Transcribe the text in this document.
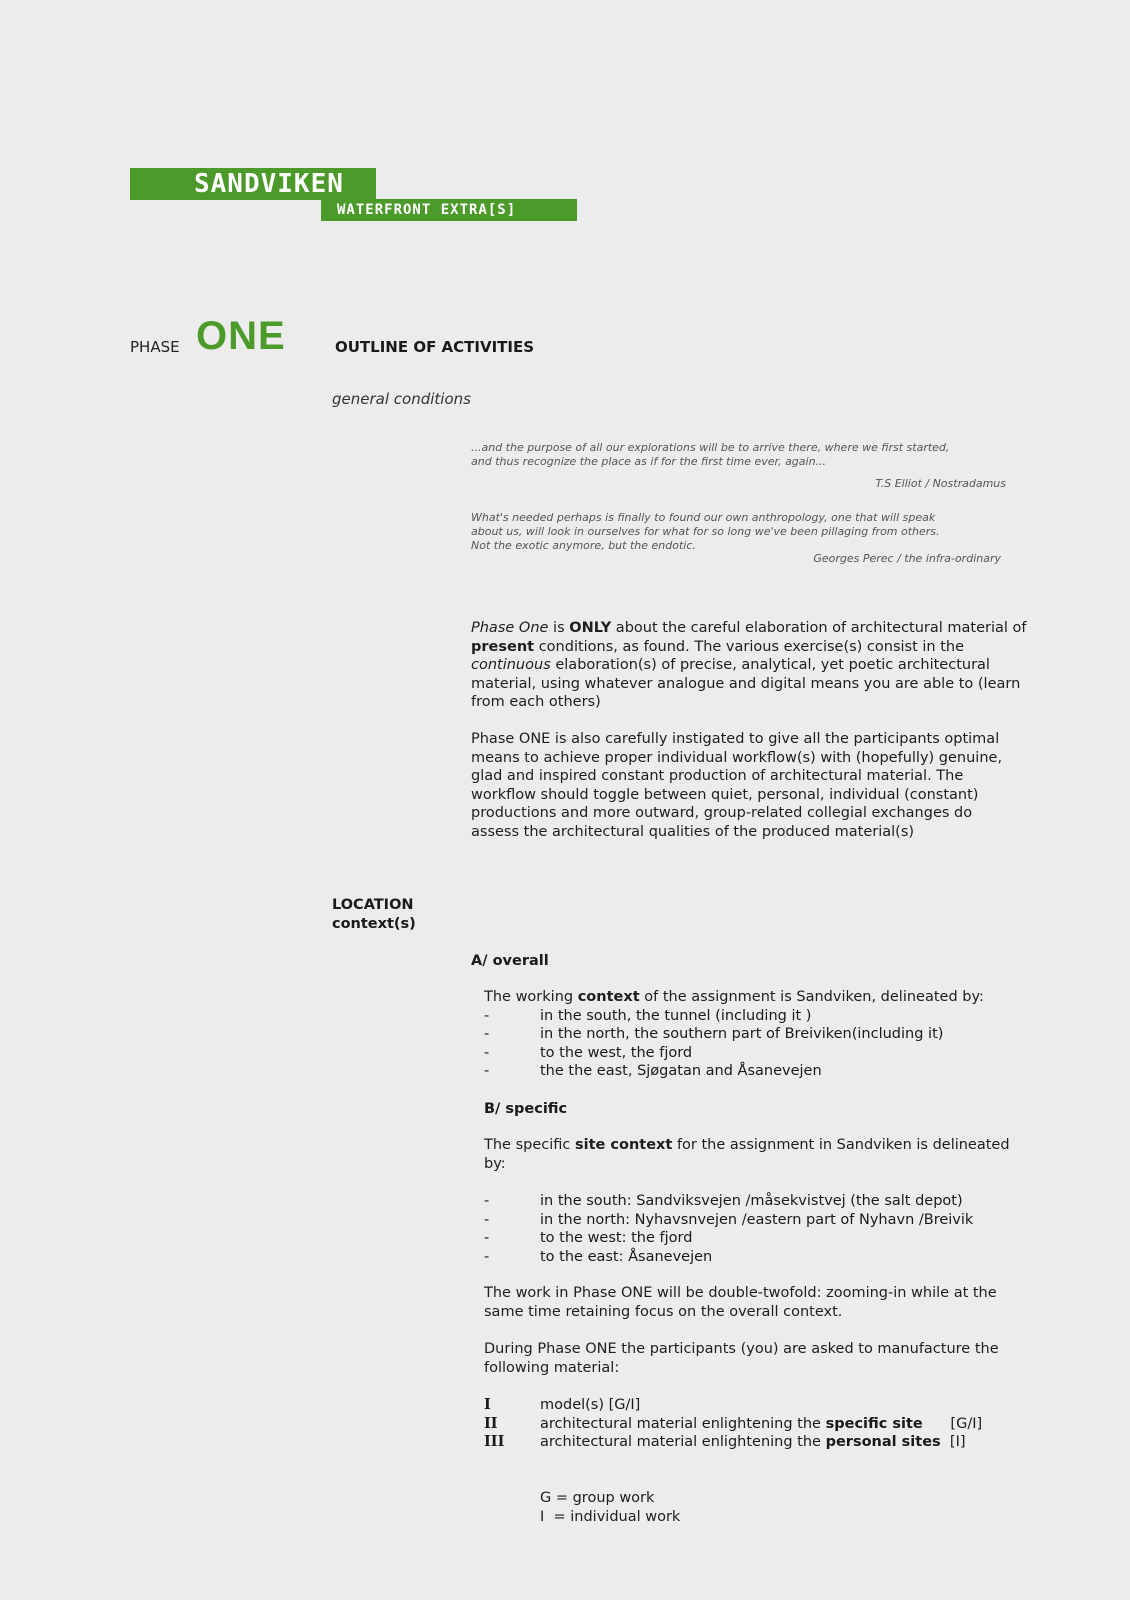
SANDVIKEN
WATERFRONT EXTRA[S]
PHASE ONE	OUTLINE OF ACTIVITIES
general conditions

...and the purpose of all our explorations will be to arrive there, where we first started,

and thus recognize the place as if for the first time ever, again...

T.S Elliot / Nostradamus

What's needed perhaps is finally to found our own anthropology, one that will speak

about us, will look in ourselves for what for so long we've been pillaging from others.

Not the exotic anymore, but the endotic.

Georges Perec / the infra-ordinary

Phase One is ONLY about the careful elaboration of architectural material of present conditions, as found. The various exercise(s) consist in the continuous elaboration(s) of precise, analytical, yet poetic architectural material, using whatever analogue and digital means you are able to (learn from each others)

Phase ONE is also carefully instigated to give all the participants optimal means to achieve proper individual workflow(s) with (hopefully) genuine, glad and inspired constant production of architectural material. The workflow should toggle between quiet, personal, individual (constant) productions and more outward, group-related collegial exchanges do assess the architectural qualities of the produced material(s)

LOCATION
context(s)
A/ overall

The working context of the assignment is Sandviken, delineated by:

-	in the south, the tunnel (including it )
-	in the north, the southern part of Breiviken(including it)
-	to the west, the fjord
-	the the east, Sjøgatan and Åsanevejen
B/ specific

The specific site context for the assignment in Sandviken is delineated by:

-	in the south: Sandviksvejen /måsekvistvej (the salt depot)
-	in the north: Nyhavsnvejen /eastern part of Nyhavn /Breivik
-	to the west: the fjord
-	to the east: Åsanevejen

The work in Phase ONE will be double-twofold: zooming-in while at the same time retaining focus on the overall context.

During Phase ONE the participants (you) are asked to manufacture the following material:

I	model(s) [G/I]
II	architectural material enlightening the specific site      [G/I]
III architectural material enlightening the personal sites  [I]
G = group work
I  = individual work
